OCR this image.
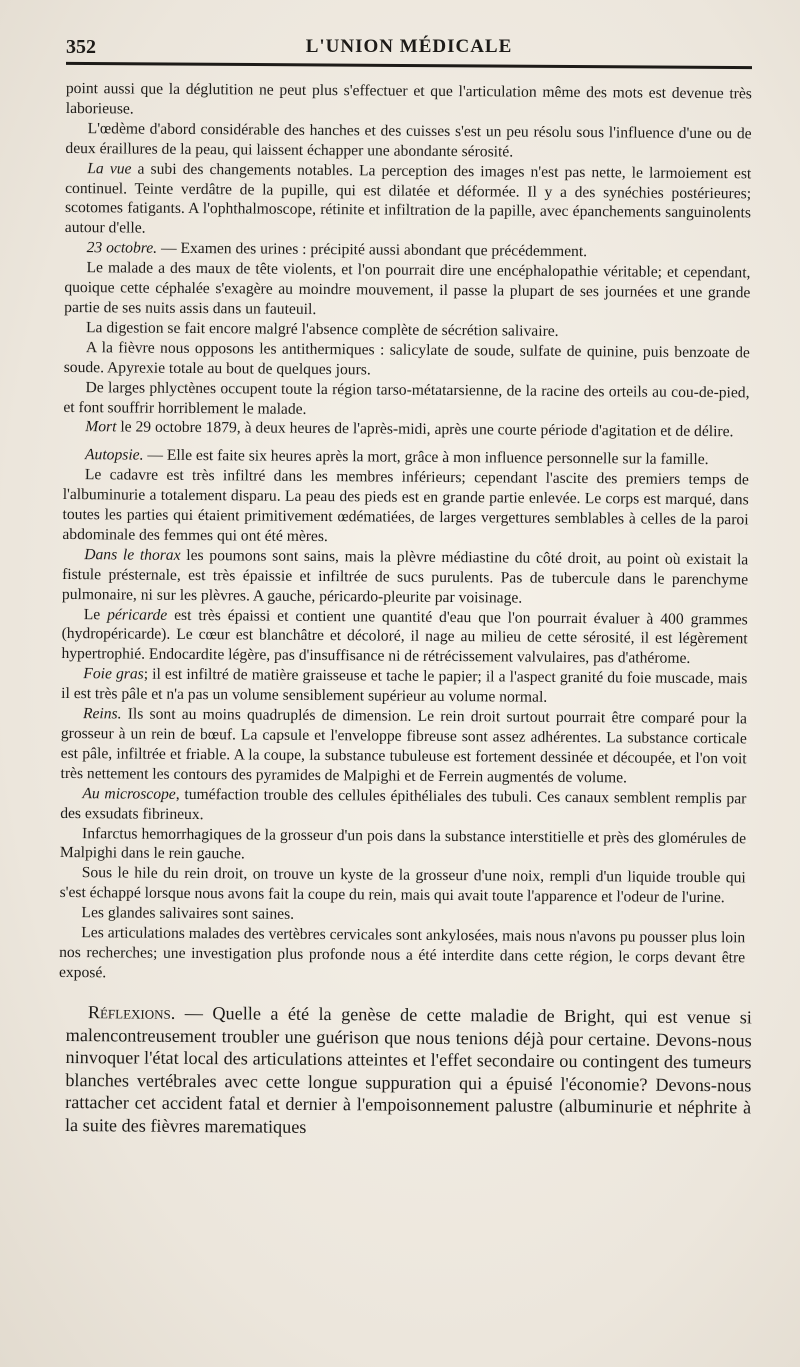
352	L'UNION MÉDICALE

point aussi que la déglutition ne peut plus s'effectuer et que l'articulation même des mots est devenue très laborieuse.

L'œdème d'abord considérable des hanches et des cuisses s'est un peu résolu sous l'influence d'une ou de deux éraillures de la peau, qui laissent échapper une abondante sérosité.

La vue a subi des changements notables. La perception des images n'est pas nette, le larmoiement est continuel. Teinte verdâtre de la pupille, qui est dilatée et déformée. Il y a des synéchies postérieures; scotomes fatigants. A l'ophthalmoscope, rétinite et infiltration de la papille, avec épanchements sanguinolents autour d'elle.

23 octobre. — Examen des urines : précipité aussi abondant que précédemment.

Le malade a des maux de tête violents, et l'on pourrait dire une encéphalopathie véritable; et cependant, quoique cette céphalée s'exagère au moindre mouvement, il passe la plupart de ses journées et une grande partie de ses nuits assis dans un fauteuil.

La digestion se fait encore malgré l'absence complète de sécrétion salivaire.

A la fièvre nous opposons les antithermiques : salicylate de soude, sulfate de quinine, puis benzoate de soude. Apyrexie totale au bout de quelques jours.

De larges phlyctènes occupent toute la région tarso-métatarsienne, de la racine des orteils au cou-de-pied, et font souffrir horriblement le malade.

Mort le 29 octobre 1879, à deux heures de l'après-midi, après une courte période d'agitation et de délire.

Autopsie. — Elle est faite six heures après la mort, grâce à mon influence personnelle sur la famille.

Le cadavre est très infiltré dans les membres inférieurs; cependant l'ascite des premiers temps de l'albuminurie a totalement disparu. La peau des pieds est en grande partie enlevée. Le corps est marqué, dans toutes les parties qui étaient primitivement œdématiées, de larges vergettures semblables à celles de la paroi abdominale des femmes qui ont été mères.

Dans le thorax les poumons sont sains, mais la plèvre médiastine du côté droit, au point où existait la fistule présternale, est très épaissie et infiltrée de sucs purulents. Pas de tubercule dans le parenchyme pulmonaire, ni sur les plèvres. A gauche, péricardo-pleurite par voisinage.

Le péricarde est très épaissi et contient une quantité d'eau que l'on pourrait évaluer à 400 grammes (hydropéricarde). Le cœur est blanchâtre et décoloré, il nage au milieu de cette sérosité, il est légèrement hypertrophié. Endocardite légère, pas d'insuffisance ni de rétrécissement valvulaires, pas d'athérome.

Foie gras; il est infiltré de matière graisseuse et tache le papier; il a l'aspect granité du foie muscade, mais il est très pâle et n'a pas un volume sensiblement supérieur au volume normal.

Reins. Ils sont au moins quadruplés de dimension. Le rein droit surtout pourrait être comparé pour la grosseur à un rein de bœuf. La capsule et l'enveloppe fibreuse sont assez adhérentes. La substance corticale est pâle, infiltrée et friable. A la coupe, la substance tubuleuse est fortement dessinée et découpée, et l'on voit très nettement les contours des pyramides de Malpighi et de Ferrein augmentés de volume.

Au microscope, tuméfaction trouble des cellules épithéliales des tubuli. Ces canaux semblent remplis par des exsudats fibrineux.

Infarctus hemorrhagiques de la grosseur d'un pois dans la substance interstitielle et près des glomérules de Malpighi dans le rein gauche.

Sous le hile du rein droit, on trouve un kyste de la grosseur d'une noix, rempli d'un liquide trouble qui s'est échappé lorsque nous avons fait la coupe du rein, mais qui avait toute l'apparence et l'odeur de l'urine.

Les glandes salivaires sont saines.

Les articulations malades des vertèbres cervicales sont ankylosées, mais nous n'avons pu pousser plus loin nos recherches; une investigation plus profonde nous a été interdite dans cette région, le corps devant être exposé.

Réflexions. — Quelle a été la genèse de cette maladie de Bright, qui est venue si malencontreusement troubler une guérison que nous tenions déjà pour certaine. Devons-nous ninvoquer l'état local des articulations atteintes et l'effet secondaire ou contingent des tumeurs blanches vertébrales avec cette longue suppuration qui a épuisé l'économie? Devons-nous rattacher cet accident fatal et dernier à l'empoisonnement palustre (albuminurie et néphrite à la suite des fièvres marematiques
